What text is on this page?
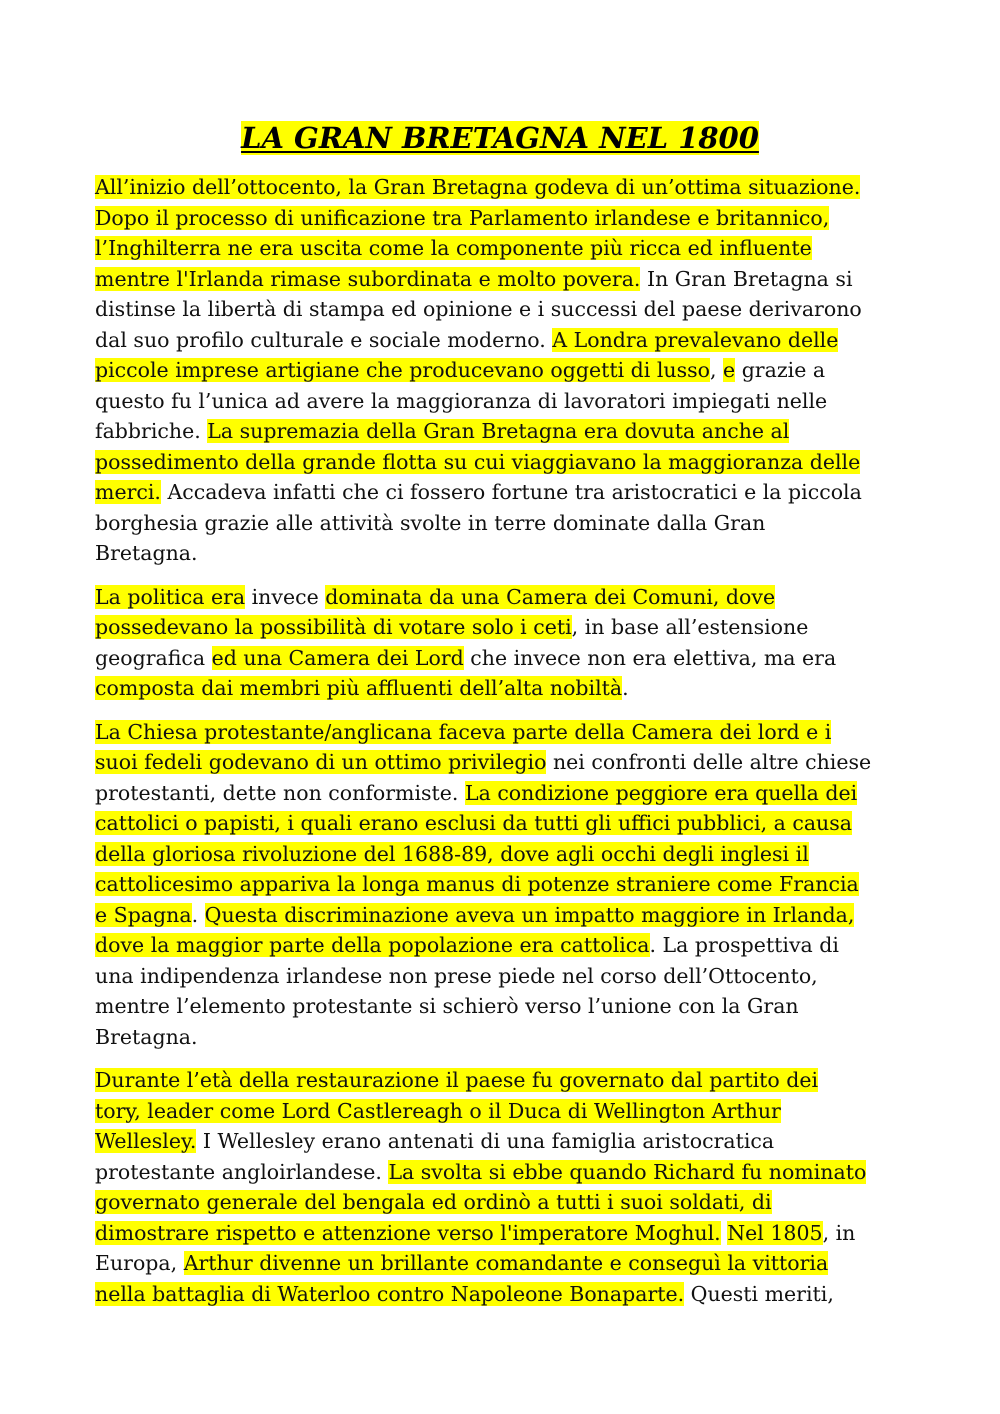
LA GRAN BRETAGNA NEL 1800

All’inizio dell’ottocento, la Gran Bretagna godeva di un’ottima situazione.
Dopo il processo di unificazione tra Parlamento irlandese e britannico,
l’Inghilterra ne era uscita come la componente più ricca ed influente
mentre l'Irlanda rimase subordinata e molto povera. In Gran Bretagna si
distinse la libertà di stampa ed opinione e i successi del paese derivarono
dal suo profilo culturale e sociale moderno. A Londra prevalevano delle
piccole imprese artigiane che producevano oggetti di lusso, e grazie a
questo fu l’unica ad avere la maggioranza di lavoratori impiegati nelle
fabbriche. La supremazia della Gran Bretagna era dovuta anche al
possedimento della grande flotta su cui viaggiavano la maggioranza delle
merci. Accadeva infatti che ci fossero fortune tra aristocratici e la piccola
borghesia grazie alle attività svolte in terre dominate dalla Gran
Bretagna.

La politica era invece dominata da una Camera dei Comuni, dove
possedevano la possibilità di votare solo i ceti, in base all’estensione
geografica ed una Camera dei Lord che invece non era elettiva, ma era
composta dai membri più affluenti dell’alta nobiltà.

La Chiesa protestante/anglicana faceva parte della Camera dei lord e i
suoi fedeli godevano di un ottimo privilegio nei confronti delle altre chiese
protestanti, dette non conformiste. La condizione peggiore era quella dei
cattolici o papisti, i quali erano esclusi da tutti gli uffici pubblici, a causa
della gloriosa rivoluzione del 1688-89, dove agli occhi degli inglesi il
cattolicesimo appariva la longa manus di potenze straniere come Francia
e Spagna. Questa discriminazione aveva un impatto maggiore in Irlanda,
dove la maggior parte della popolazione era cattolica. La prospettiva di
una indipendenza irlandese non prese piede nel corso dell’Ottocento,
mentre l’elemento protestante si schierò verso l’unione con la Gran
Bretagna.

Durante l’età della restaurazione il paese fu governato dal partito dei
tory, leader come Lord Castlereagh o il Duca di Wellington Arthur
Wellesley. I Wellesley erano antenati di una famiglia aristocratica
protestante angloirlandese. La svolta si ebbe quando Richard fu nominato
governato generale del bengala ed ordinò a tutti i suoi soldati, di
dimostrare rispetto e attenzione verso l'imperatore Moghul. Nel 1805, in
Europa, Arthur divenne un brillante comandante e conseguì la vittoria
nella battaglia di Waterloo contro Napoleone Bonaparte. Questi meriti,
